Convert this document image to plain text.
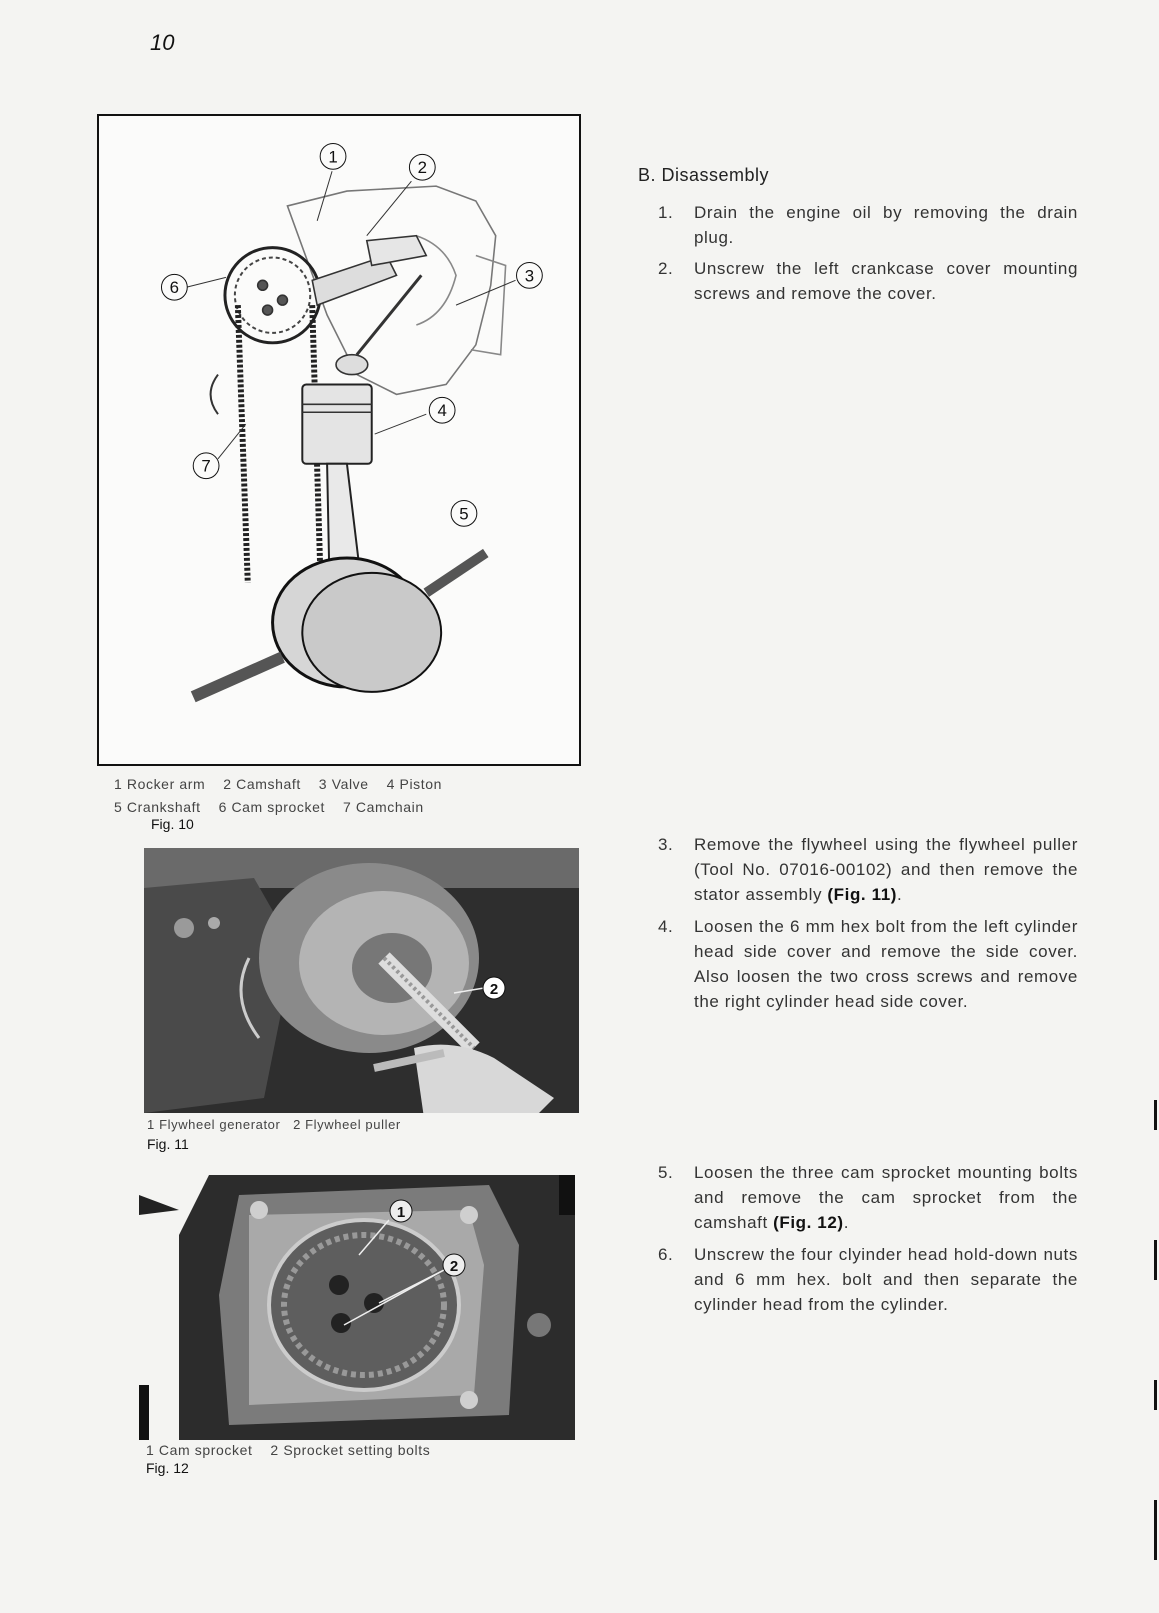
10
1
2
3
4
5
6
7
1 Rocker arm 2 Camshaft 3 Valve 4 Piston
5 Crankshaft 6 Cam sprocket 7 Camchain
Fig. 10
2
1 Flywheel generator 2 Flywheel puller
Fig. 11
1
2
1 Cam sprocket 2 Sprocket setting bolts
Fig. 12
B. Disassembly
1. Drain the engine oil by removing the drain plug.
2. Unscrew the left crankcase cover mounting screws and remove the cover.
3. Remove the flywheel using the flywheel puller (Tool No. 07016-00102) and then remove the stator assembly (Fig. 11).
4. Loosen the 6 mm hex bolt from the left cylinder head side cover and remove the side cover. Also loosen the two cross screws and remove the right cylinder head side cover.
5. Loosen the three cam sprocket mounting bolts and remove the cam sprocket from the camshaft (Fig. 12).
6. Unscrew the four clyinder head hold-down nuts and 6 mm hex. bolt and then separate the cylinder head from the cylinder.
